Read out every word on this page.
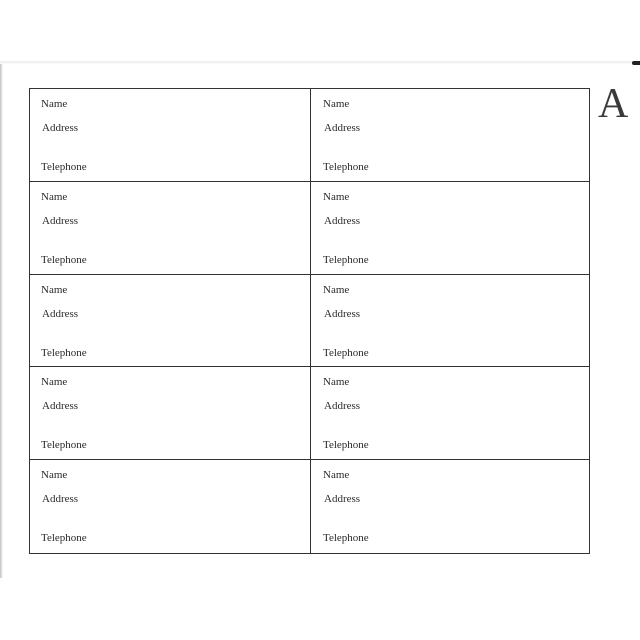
A
Name
Address
Telephone
Name
Address
Telephone
Name
Address
Telephone
Name
Address
Telephone
Name
Address
Telephone
Name
Address
Telephone
Name
Address
Telephone
Name
Address
Telephone
Name
Address
Telephone
Name
Address
Telephone
